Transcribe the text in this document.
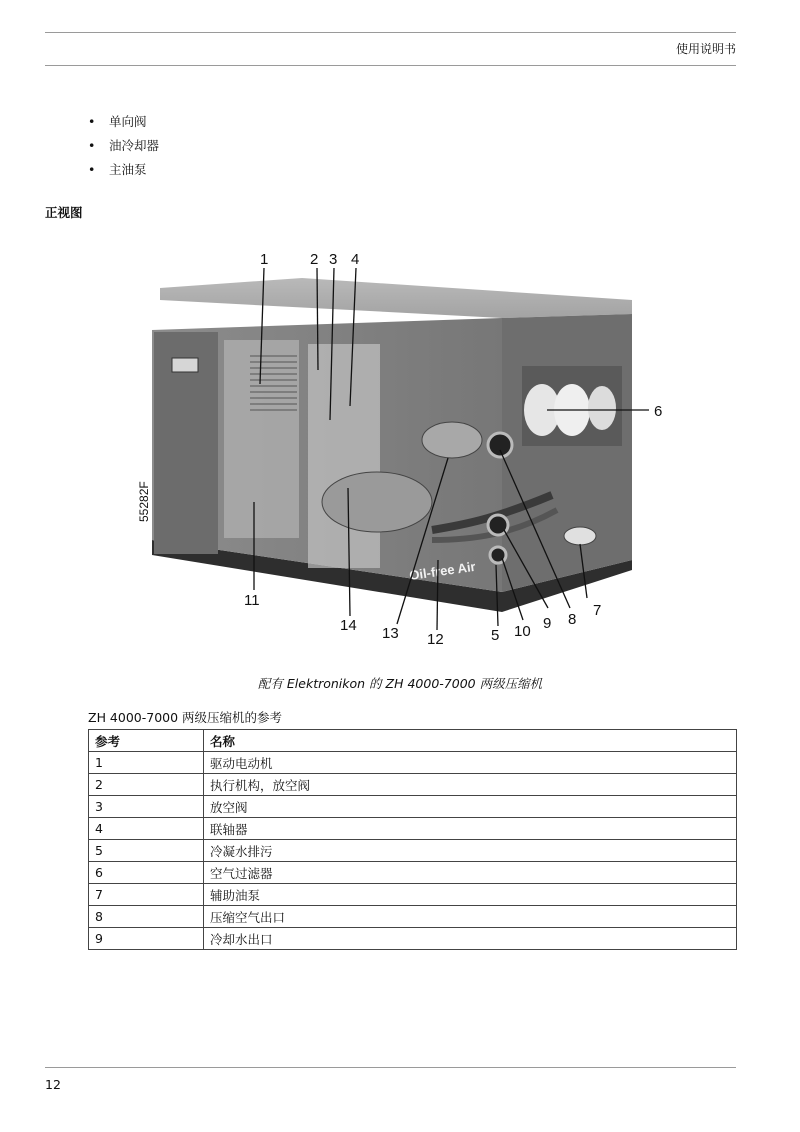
使用说明书
• 单向阀
• 油冷却器
• 主油泵
正视图
Oil-free Air
55282F
1	2 3 4
5
6
7
8
9
10
11
12
13
14
配有 Elektronikon 的 ZH 4000-7000 两级压缩机
ZH 4000-7000 两级压缩机的参考
参考	名称
1	驱动电动机
2	执行机构，放空阀
3	放空阀
4	联轴器
5	冷凝水排污
6	空气过滤器
7	辅助油泵
8	压缩空气出口
9	冷却水出口
12
